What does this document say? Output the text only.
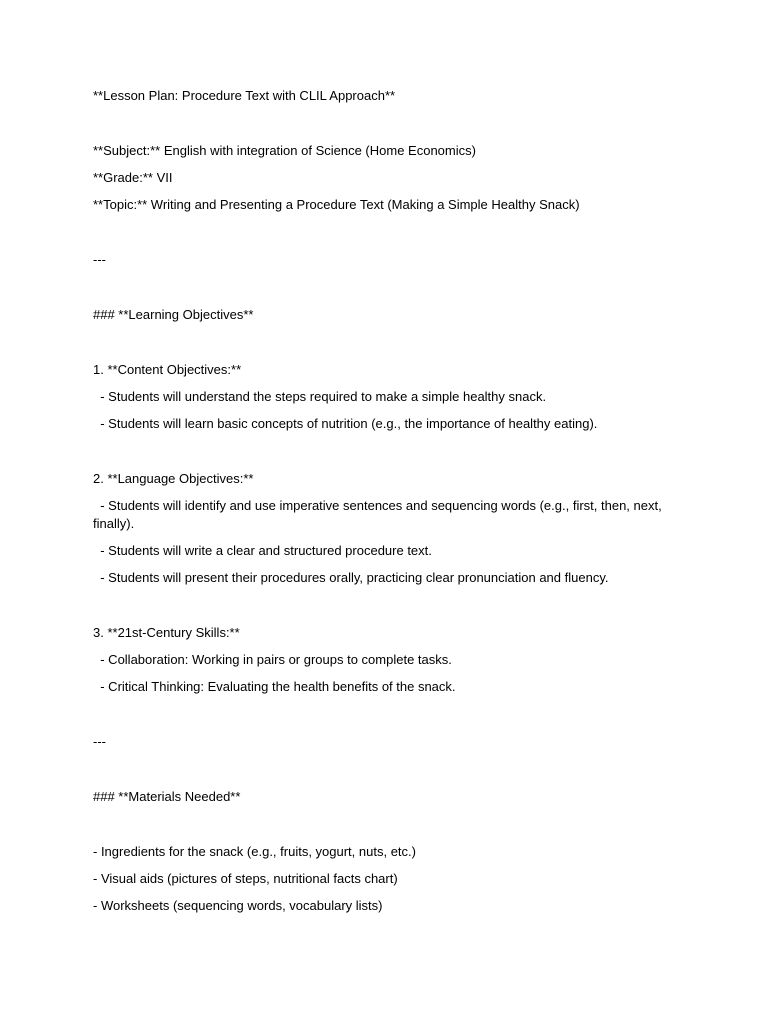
**Lesson Plan: Procedure Text with CLIL Approach**
**Subject:** English with integration of Science (Home Economics)
**Grade:** VII
**Topic:** Writing and Presenting a Procedure Text (Making a Simple Healthy Snack)
---
### **Learning Objectives**
1. **Content Objectives:**
- Students will understand the steps required to make a simple healthy snack.
- Students will learn basic concepts of nutrition (e.g., the importance of healthy eating).
2. **Language Objectives:**
- Students will identify and use imperative sentences and sequencing words (e.g., first, then, next, finally).
- Students will write a clear and structured procedure text.
- Students will present their procedures orally, practicing clear pronunciation and fluency.
3. **21st-Century Skills:**
- Collaboration: Working in pairs or groups to complete tasks.
- Critical Thinking: Evaluating the health benefits of the snack.
---
### **Materials Needed**
- Ingredients for the snack (e.g., fruits, yogurt, nuts, etc.)
- Visual aids (pictures of steps, nutritional facts chart)
- Worksheets (sequencing words, vocabulary lists)
